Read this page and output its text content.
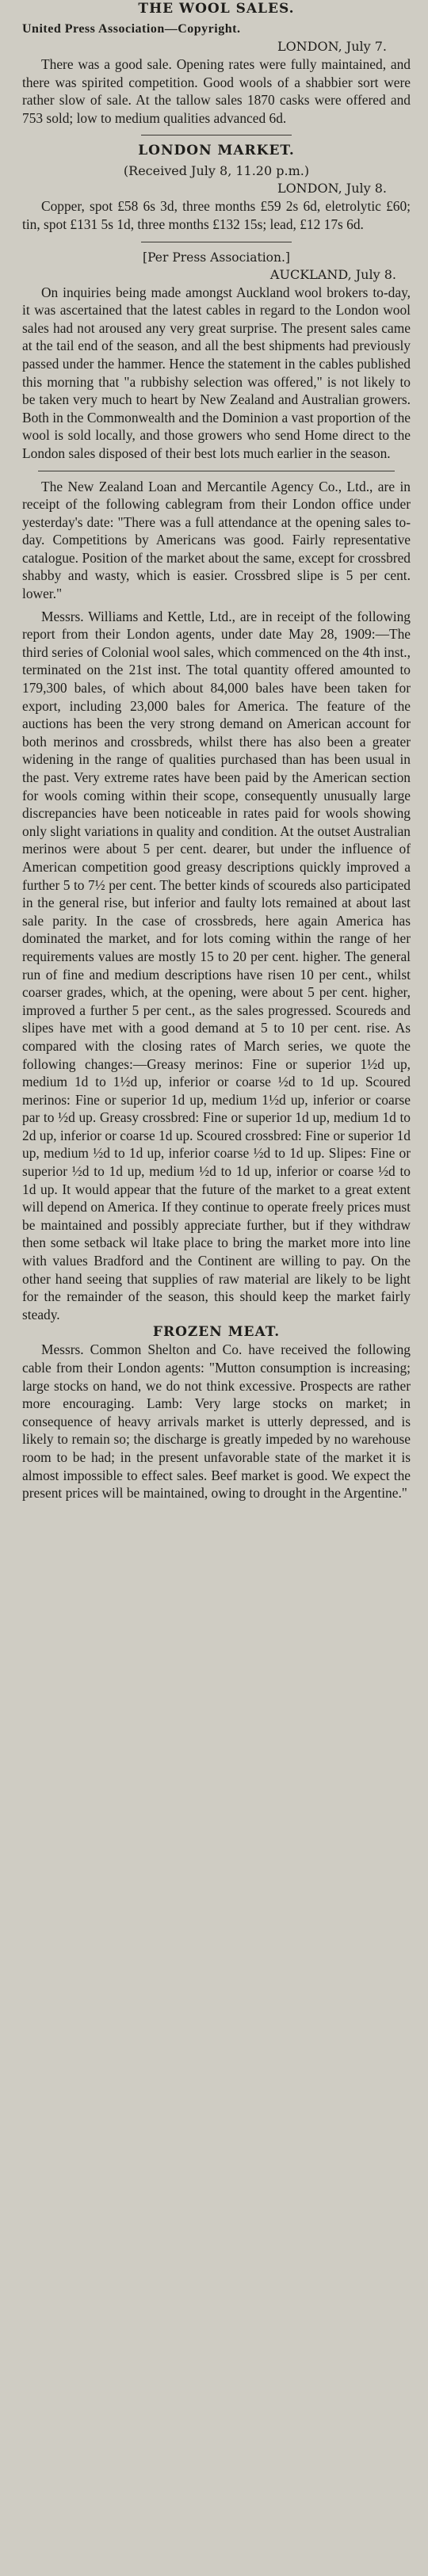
THE WOOL SALES.

United Press Association—Copyright.

LONDON, July 7.

There was a good sale. Opening rates were fully maintained, and there was spirited competition. Good wools of a shabbier sort were rather slow of sale. At the tallow sales 1870 casks were offered and 753 sold; low to medium qualities advanced 6d.

LONDON MARKET.

(Received July 8, 11.20 p.m.)

LONDON, July 8.

Copper, spot £58 6s 3d, three months £59 2s 6d, eletrolytic £60; tin, spot £131 5s 1d, three months £132 15s; lead, £12 17s 6d.

[Per Press Association.]

AUCKLAND, July 8.

On inquiries being made amongst Auckland wool brokers to-day, it was ascertained that the latest cables in regard to the London wool sales had not aroused any very great surprise. The present sales came at the tail end of the season, and all the best shipments had previously passed under the hammer. Hence the statement in the cables published this morning that "a rubbishy selection was offered," is not likely to be taken very much to heart by New Zealand and Australian growers. Both in the Commonwealth and the Dominion a vast proportion of the wool is sold locally, and those growers who send Home direct to the London sales disposed of their best lots much earlier in the season.

The New Zealand Loan and Mercantile Agency Co., Ltd., are in receipt of the following cablegram from their London office under yesterday's date: "There was a full attendance at the opening sales to-day. Competitions by Americans was good. Fairly representative catalogue. Position of the market about the same, except for crossbred shabby and wasty, which is easier. Crossbred slipe is 5 per cent. lower."

Messrs. Williams and Kettle, Ltd., are in receipt of the following report from their London agents, under date May 28, 1909:—The third series of Colonial wool sales, which commenced on the 4th inst., terminated on the 21st inst. The total quantity offered amounted to 179,300 bales, of which about 84,000 bales have been taken for export, including 23,000 bales for America. The feature of the auctions has been the very strong demand on American account for both merinos and crossbreds, whilst there has also been a greater widening in the range of qualities purchased than has been usual in the past. Very extreme rates have been paid by the American section for wools coming within their scope, consequently unusually large discrepancies have been noticeable in rates paid for wools showing only slight variations in quality and condition. At the outset Australian merinos were about 5 per cent. dearer, but under the influence of American competition good greasy descriptions quickly improved a further 5 to 7½ per cent. The better kinds of scoureds also participated in the general rise, but inferior and faulty lots remained at about last sale parity. In the case of crossbreds, here again America has dominated the market, and for lots coming within the range of her requirements values are mostly 15 to 20 per cent. higher. The general run of fine and medium descriptions have risen 10 per cent., whilst coarser grades, which, at the opening, were about 5 per cent. higher, improved a further 5 per cent., as the sales progressed. Scoureds and slipes have met with a good demand at 5 to 10 per cent. rise. As compared with the closing rates of March series, we quote the following changes:—Greasy merinos: Fine or superior 1½d up, medium 1d to 1½d up, inferior or coarse ½d to 1d up. Scoured merinos: Fine or superior 1d up, medium 1½d up, inferior or coarse par to ½d up. Greasy crossbred: Fine or superior 1d up, medium 1d to 2d up, inferior or coarse 1d up. Scoured crossbred: Fine or superior 1d up, medium ½d to 1d up, inferior coarse ½d to 1d up. Slipes: Fine or superior ½d to 1d up, medium ½d to 1d up, inferior or coarse ½d to 1d up. It would appear that the future of the market to a great extent will depend on America. If they continue to operate freely prices must be maintained and possibly appreciate further, but if they withdraw then some setback wil ltake place to bring the market more into line with values Bradford and the Continent are willing to pay. On the other hand seeing that supplies of raw material are likely to be light for the remainder of the season, this should keep the market fairly steady.

FROZEN MEAT.

Messrs. Common Shelton and Co. have received the following cable from their London agents: "Mutton consumption is increasing; large stocks on hand, we do not think excessive. Prospects are rather more encouraging. Lamb: Very large stocks on market; in consequence of heavy arrivals market is utterly depressed, and is likely to remain so; the discharge is greatly impeded by no warehouse room to be had; in the present unfavorable state of the market it is almost impossible to effect sales. Beef market is good. We expect the present prices will be maintained, owing to drought in the Argentine."
